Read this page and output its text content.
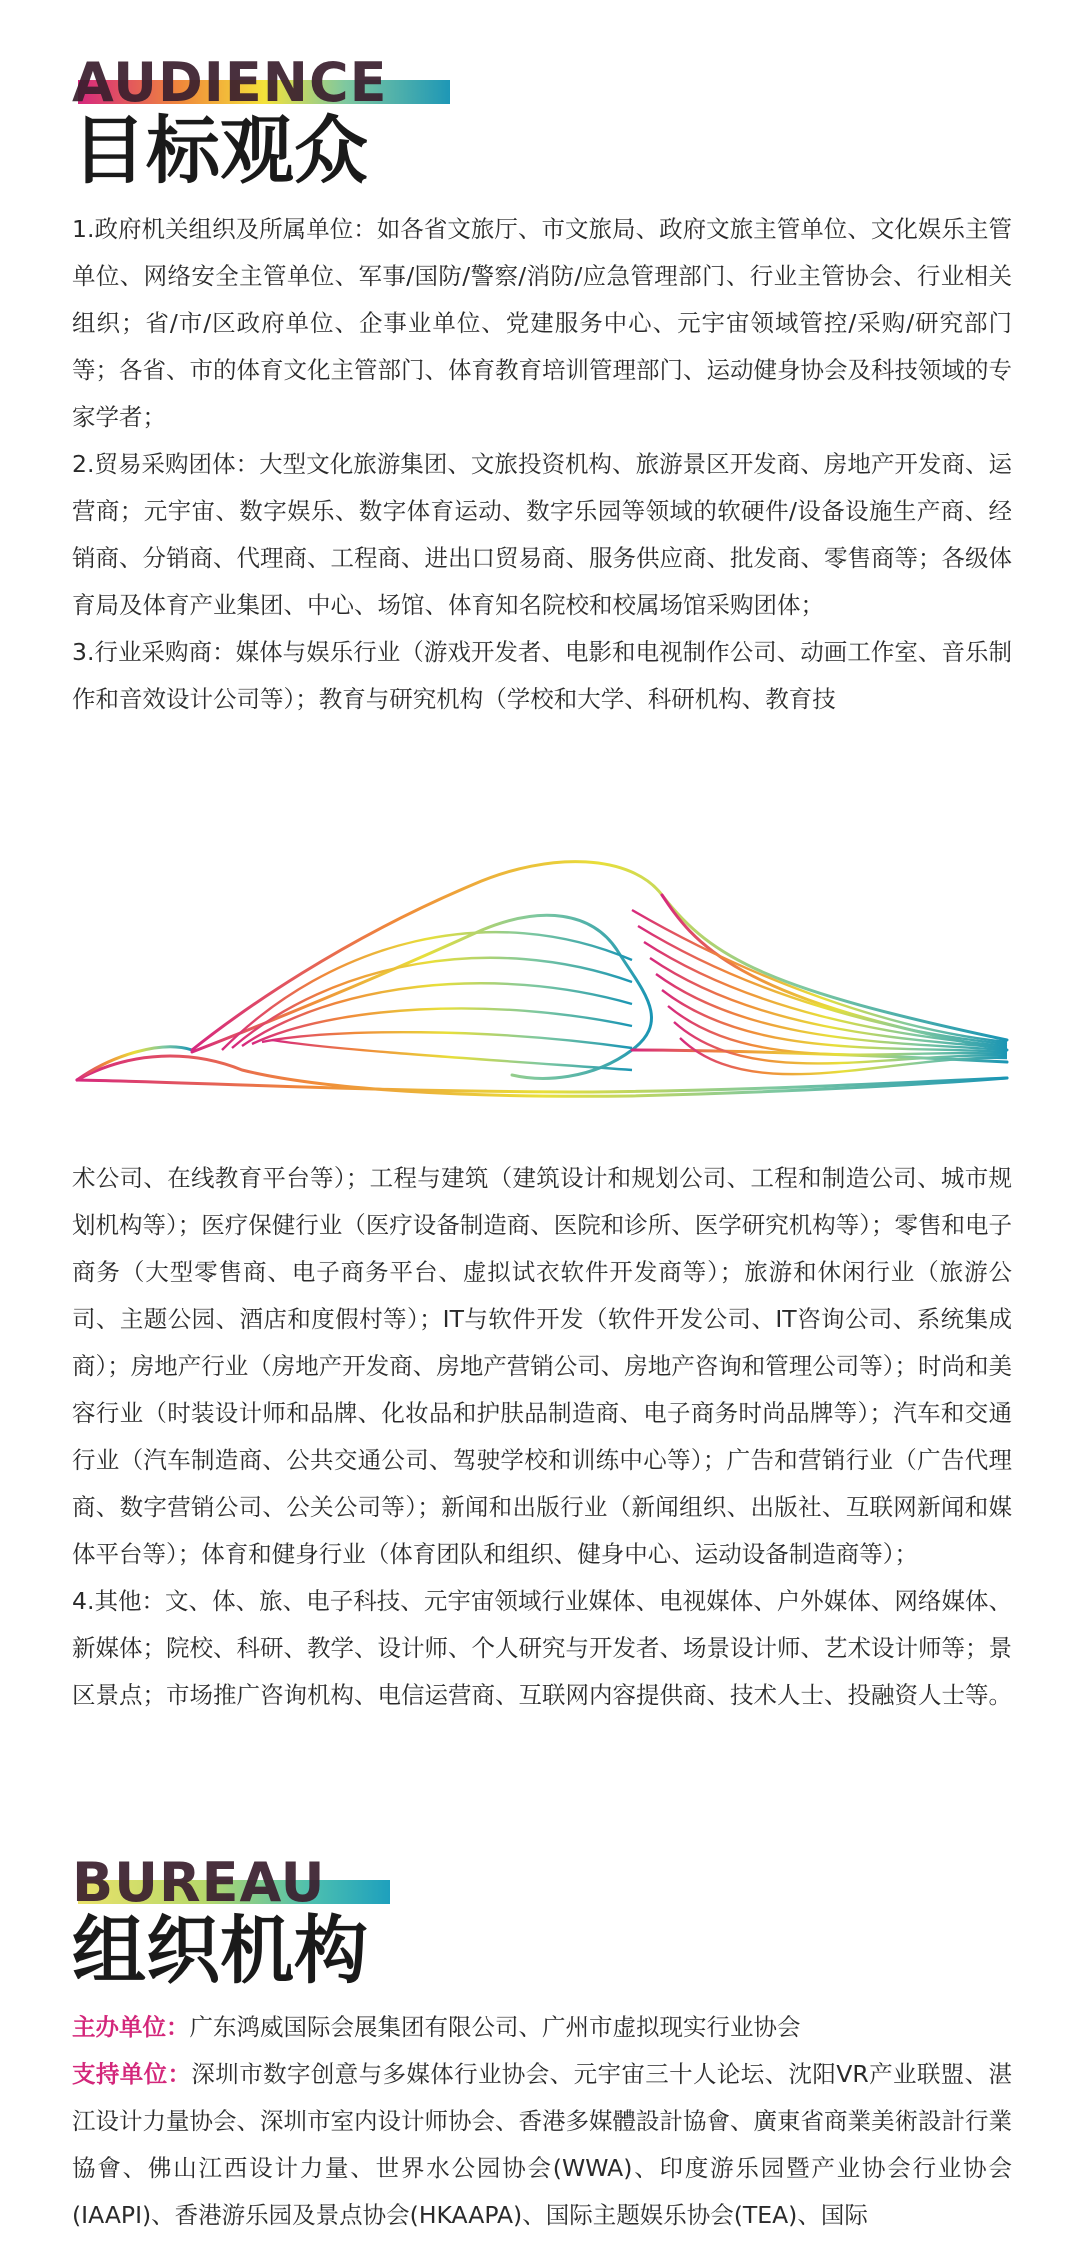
AUDIENCE
目标观众

1.政府机关组织及所属单位：如各省文旅厅、市文旅局、政府文旅主管单位、文化娱乐主管单位、网络安全主管单位、军事/国防/警察/消防/应急管理部门、行业主管协会、行业相关组织；省/市/区政府单位、企事业单位、党建服务中心、元宇宙领域管控/采购/研究部门等；各省、市的体育文化主管部门、体育教育培训管理部门、运动健身协会及科技领域的专家学者；

2.贸易采购团体：大型文化旅游集团、文旅投资机构、旅游景区开发商、房地产开发商、运营商；元宇宙、数字娱乐、数字体育运动、数字乐园等领域的软硬件/设备设施生产商、经销商、分销商、代理商、工程商、进出口贸易商、服务供应商、批发商、零售商等；各级体育局及体育产业集团、中心、场馆、体育知名院校和校属场馆采购团体；

3.行业采购商：媒体与娱乐行业（游戏开发者、电影和电视制作公司、动画工作室、音乐制作和音效设计公司等）；教育与研究机构（学校和大学、科研机构、教育技

术公司、在线教育平台等）；工程与建筑（建筑设计和规划公司、工程和制造公司、城市规划机构等）；医疗保健行业（医疗设备制造商、医院和诊所、医学研究机构等）；零售和电子商务（大型零售商、电子商务平台、虚拟试衣软件开发商等）；旅游和休闲行业（旅游公司、主题公园、酒店和度假村等）；IT与软件开发（软件开发公司、IT咨询公司、系统集成商）；房地产行业（房地产开发商、房地产营销公司、房地产咨询和管理公司等）；时尚和美容行业（时装设计师和品牌、化妆品和护肤品制造商、电子商务时尚品牌等）；汽车和交通行业（汽车制造商、公共交通公司、驾驶学校和训练中心等）；广告和营销行业（广告代理商、数字营销公司、公关公司等）；新闻和出版行业（新闻组织、出版社、互联网新闻和媒体平台等）；体育和健身行业（体育团队和组织、健身中心、运动设备制造商等）；

4.其他：文、体、旅、电子科技、元宇宙领域行业媒体、电视媒体、户外媒体、网络媒体、新媒体；院校、科研、教学、设计师、个人研究与开发者、场景设计师、艺术设计师等；景区景点；市场推广咨询机构、电信运营商、互联网内容提供商、技术人士、投融资人士等。

BUREAU
组织机构

主办单位：广东鸿威国际会展集团有限公司、广州市虚拟现实行业协会

支持单位：深圳市数字创意与多媒体行业协会、元宇宙三十人论坛、沈阳VR产业联盟、湛江设计力量协会、深圳市室内设计师协会、香港多媒體設計協會、廣東省商業美術設計行業協會、佛山江西设计力量、世界水公园协会(WWA)、印度游乐园暨产业协会行业协会(IAAPI)、香港游乐园及景点协会(HKAAPA)、国际主题娱乐协会(TEA)、国际
